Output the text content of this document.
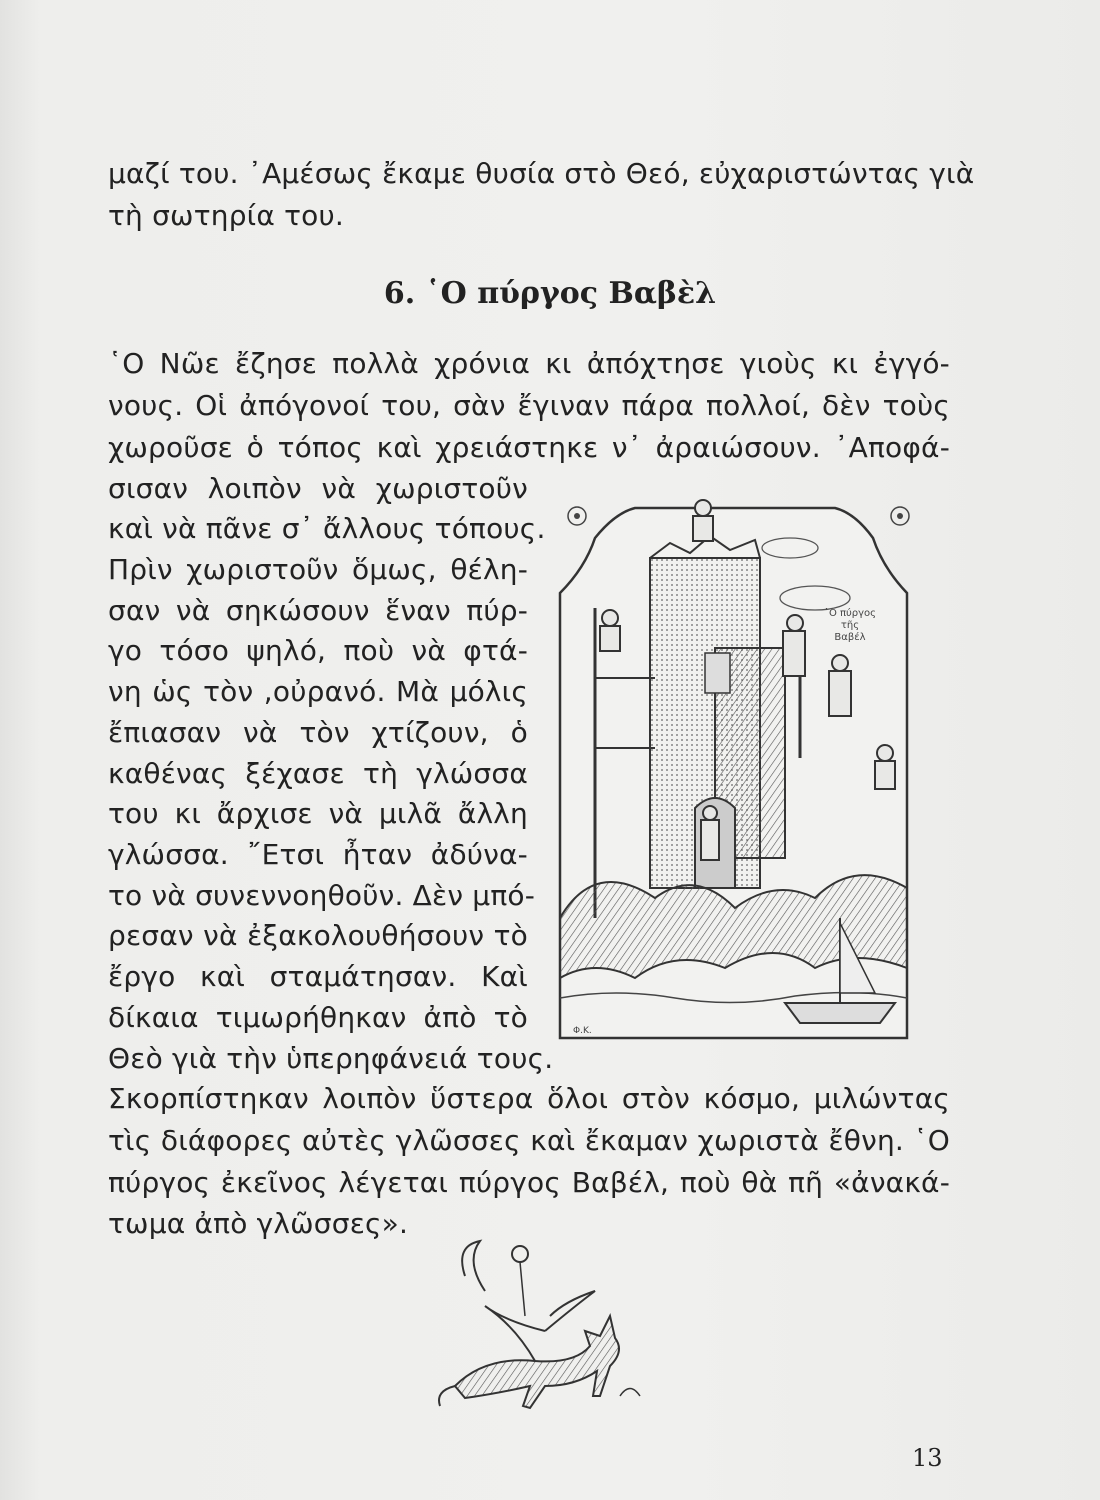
μαζί του. ᾽Αμέσως ἔκαμε θυσία στὸ Θεό, εὐχαριστώντας γιὰ
τὴ σωτηρία του.
6. ῾Ο πύργος Βαβὲλ
῾Ο Νῶε ἔζησε πολλὰ χρόνια κι ἀπόχτησε γιοὺς κι ἐγγό-
νους. Οἱ ἀπόγονοί του, σὰν ἔγιναν πάρα πολλοί, δὲν τοὺς
χωροῦσε ὁ τόπος καὶ χρειάστηκε ν᾽ ἀραιώσουν. ᾽Αποφά-
σισαν λοιπὸν νὰ χωριστοῦν
καὶ νὰ πᾶνε σ᾽ ἄλλους τόπους.
Πρὶν χωριστοῦν ὅμως, θέλη-
σαν νὰ σηκώσουν ἕναν πύρ-
γο τόσο ψηλό, ποὺ νὰ φτά-
νη ὡς τὸν ,οὐρανό. Μὰ μόλις
ἔπιασαν νὰ τὸν χτίζουν, ὁ
καθένας ξέχασε τὴ γλώσσα
του κι ἄρχισε νὰ μιλᾶ ἄλλη
γλώσσα. ῎Ετσι ἦταν ἀδύνα-
το νὰ συνεννοηθοῦν. Δὲν μπό-
ρεσαν νὰ ἐξακολουθήσουν τὸ
ἔργο καὶ σταμάτησαν. Καὶ
δίκαια τιμωρήθηκαν ἀπὸ τὸ
Θεὸ γιὰ τὴν ὑπερηφάνειά τους.
Σκορπίστηκαν λοιπὸν ὕστερα ὅλοι στὸν κόσμο, μιλώντας
τὶς διάφορες αὐτὲς γλῶσσες καὶ ἔκαμαν χωριστὰ ἔθνη. ῾Ο
πύργος ἐκεῖνος λέγεται πύργος Βαβέλ, ποὺ θὰ πῆ «ἀνακά-
τωμα ἀπὸ γλῶσσες».
῾Ο πύργος
τῆς
Βαβέλ
Φ.Κ.
13
